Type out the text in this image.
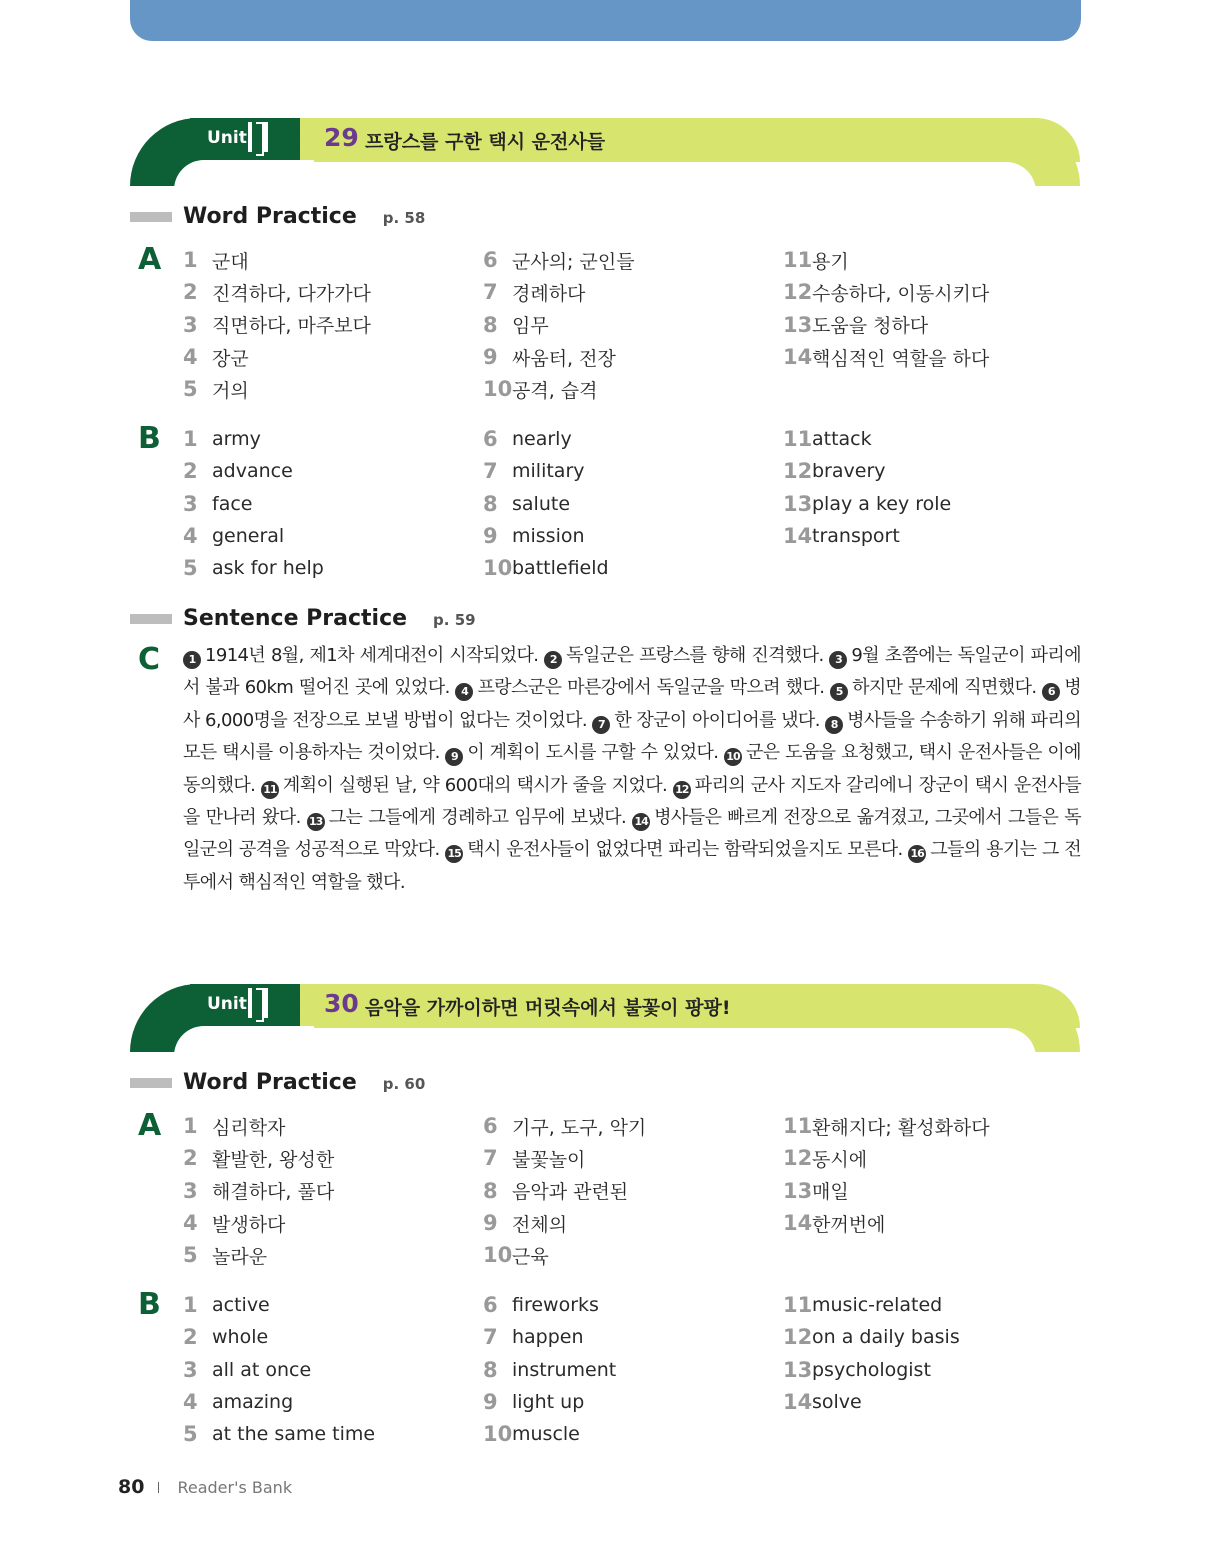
Unit	29 프랑스를 구한 택시 운전사들
Word Practice p. 58
A 1 군대
2 진격하다, 다가가다
3 직면하다, 마주보다
4 장군
5 거의
6 군사의; 군인들
7 경례하다
8 임무
9 싸움터, 전장
10 공격, 습격
11 용기
12 수송하다, 이동시키다
13 도움을 청하다
14 핵심적인 역할을 하다
B 1 army
2 advance
3 face
4 general
5 ask for help
6 nearly
7 military
8 salute
9 mission
10 battlefield
11 attack
12 bravery
13 play a key role
14 transport
Sentence Practice p. 59
C	1 1914년 8월, 제1차 세계대전이 시작되었다. 2 독일군은 프랑스를 향해 진격했다. 3 9월 초쯤에는 독일군이 파리에서 불과 60km 떨어진 곳에 있었다. 4 프랑스군은 마른강에서 독일군을 막으려 했다. 5 하지만 문제에 직면했다. 6 병사 6,000명을 전장으로 보낼 방법이 없다는 것이었다. 7 한 장군이 아이디어를 냈다. 8 병사들을 수송하기 위해 파리의 모든 택시를 이용하자는 것이었다. 9 이 계획이 도시를 구할 수 있었다. 10 군은 도움을 요청했고, 택시 운전사들은 이에 동의했다. 11 계획이 실행된 날, 약 600대의 택시가 줄을 지었다. 12 파리의 군사 지도자 갈리에니 장군이 택시 운전사들을 만나러 왔다. 13 그는 그들에게 경례하고 임무에 보냈다. 14 병사들은 빠르게 전장으로 옮겨졌고, 그곳에서 그들은 독일군의 공격을 성공적으로 막았다. 15 택시 운전사들이 없었다면 파리는 함락되었을지도 모른다. 16 그들의 용기는 그 전투에서 핵심적인 역할을 했다.
Unit	30 음악을 가까이하면 머릿속에서 불꽃이 팡팡!
Word Practice p. 60
A 1 심리학자
2 활발한, 왕성한
3 해결하다, 풀다
4 발생하다
5 놀라운
6 기구, 도구, 악기
7 불꽃놀이
8 음악과 관련된
9 전체의
10 근육
11 환해지다; 활성화하다
12 동시에
13 매일
14 한꺼번에
B 1 active
2 whole
3 all at once
4 amazing
5 at the same time
6 fireworks
7 happen
8 instrument
9 light up
10 muscle
11 music-related
12 on a daily basis
13 psychologist
14 solve
80 Reader's Bank
